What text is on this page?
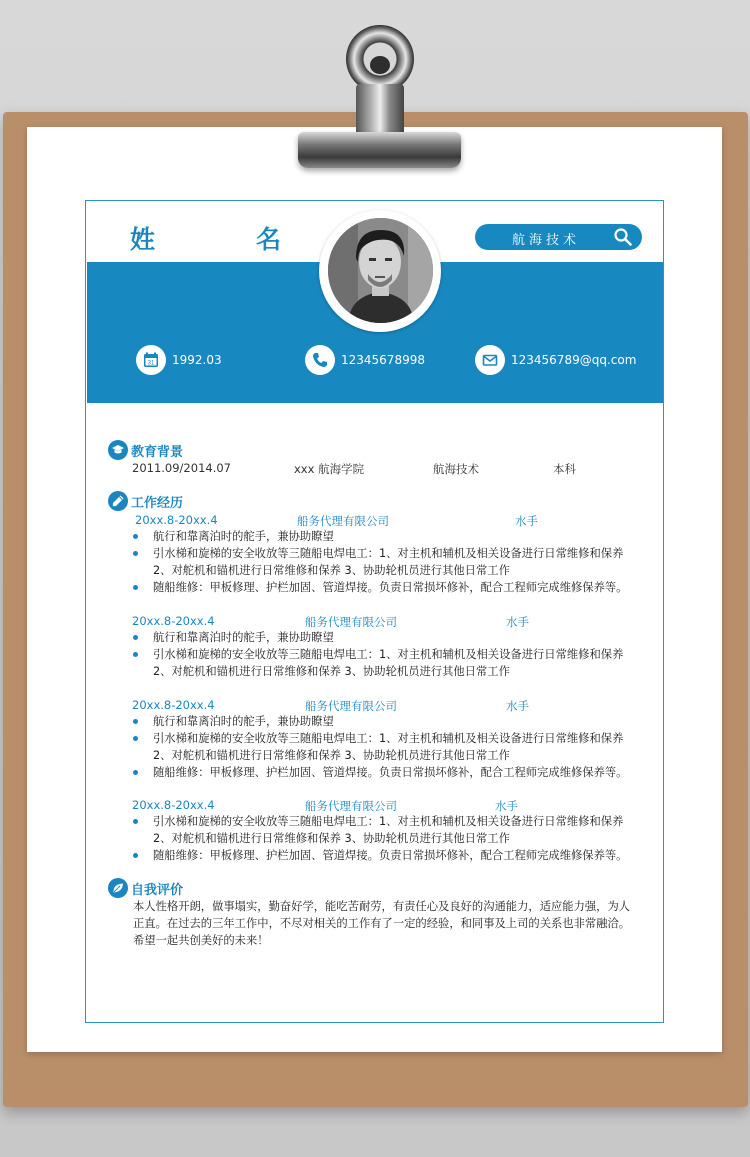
姓　名	航海技术
31 1992.03	12345678998	123456789@qq.com
教育背景
2011.09/2014.07	xxx 航海学院	航海技术	本科
工作经历
20xx.8-20xx.4	船务代理有限公司	水手
航行和靠离泊时的舵手，兼协助瞭望
引水梯和旋梯的安全收放等三随船电焊电工：1、对主机和辅机及相关设备进行日常维修和保养 2、对舵机和锚机进行日常维修和保养 3、协助轮机员进行其他日常工作
随船维修：甲板修理、护栏加固、管道焊接。负责日常损坏修补，配合工程师完成维修保养等。
20xx.8-20xx.4	船务代理有限公司	水手
航行和靠离泊时的舵手，兼协助瞭望
引水梯和旋梯的安全收放等三随船电焊电工：1、对主机和辅机及相关设备进行日常维修和保养 2、对舵机和锚机进行日常维修和保养 3、协助轮机员进行其他日常工作
20xx.8-20xx.4	船务代理有限公司	水手
航行和靠离泊时的舵手，兼协助瞭望
引水梯和旋梯的安全收放等三随船电焊电工：1、对主机和辅机及相关设备进行日常维修和保养 2、对舵机和锚机进行日常维修和保养 3、协助轮机员进行其他日常工作
随船维修：甲板修理、护栏加固、管道焊接。负责日常损坏修补，配合工程师完成维修保养等。
20xx.8-20xx.4	船务代理有限公司	水手
引水梯和旋梯的安全收放等三随船电焊电工：1、对主机和辅机及相关设备进行日常维修和保养 2、对舵机和锚机进行日常维修和保养 3、协助轮机员进行其他日常工作
随船维修：甲板修理、护栏加固、管道焊接。负责日常损坏修补，配合工程师完成维修保养等。
自我评价
本人性格开朗，做事塌实，勤奋好学，能吃苦耐劳，有责任心及良好的沟通能力，适应能力强，为人正直。在过去的三年工作中，不尽对相关的工作有了一定的经验，和同事及上司的关系也非常融洽。希望一起共创美好的未来！
